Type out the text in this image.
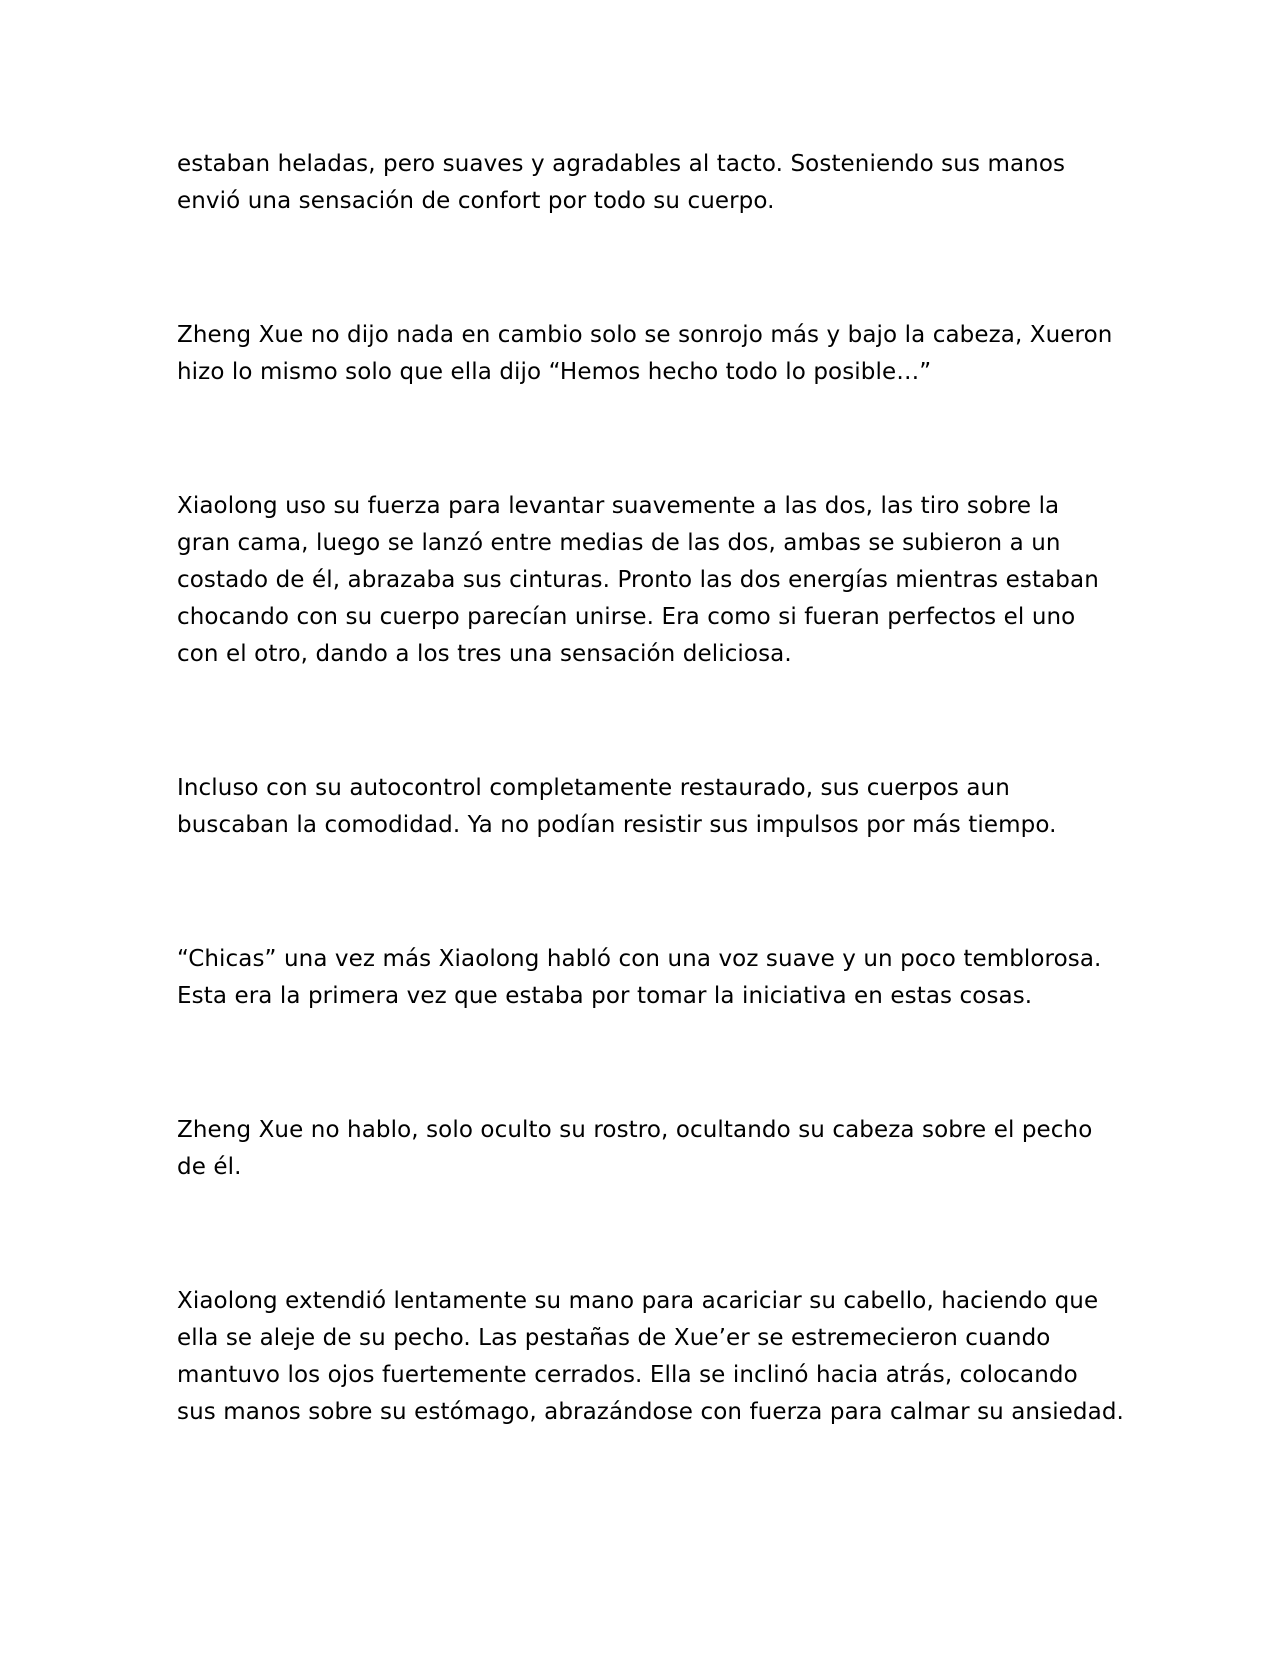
estaban heladas, pero suaves y agradables al tacto. Sosteniendo sus manos
envió una sensación de confort por todo su cuerpo.

Zheng Xue no dijo nada en cambio solo se sonrojo más y bajo la cabeza, Xueron
hizo lo mismo solo que ella dijo “Hemos hecho todo lo posible…”

Xiaolong uso su fuerza para levantar suavemente a las dos, las tiro sobre la
gran cama, luego se lanzó entre medias de las dos, ambas se subieron a un
costado de él, abrazaba sus cinturas. Pronto las dos energías mientras estaban
chocando con su cuerpo parecían unirse. Era como si fueran perfectos el uno
con el otro, dando a los tres una sensación deliciosa.

Incluso con su autocontrol completamente restaurado, sus cuerpos aun
buscaban la comodidad. Ya no podían resistir sus impulsos por más tiempo.

“Chicas” una vez más Xiaolong habló con una voz suave y un poco temblorosa.
Esta era la primera vez que estaba por tomar la iniciativa en estas cosas.

Zheng Xue no hablo, solo oculto su rostro, ocultando su cabeza sobre el pecho
de él.

Xiaolong extendió lentamente su mano para acariciar su cabello, haciendo que
ella se aleje de su pecho. Las pestañas de Xue’er se estremecieron cuando
mantuvo los ojos fuertemente cerrados. Ella se inclinó hacia atrás, colocando
sus manos sobre su estómago, abrazándose con fuerza para calmar su ansiedad.
